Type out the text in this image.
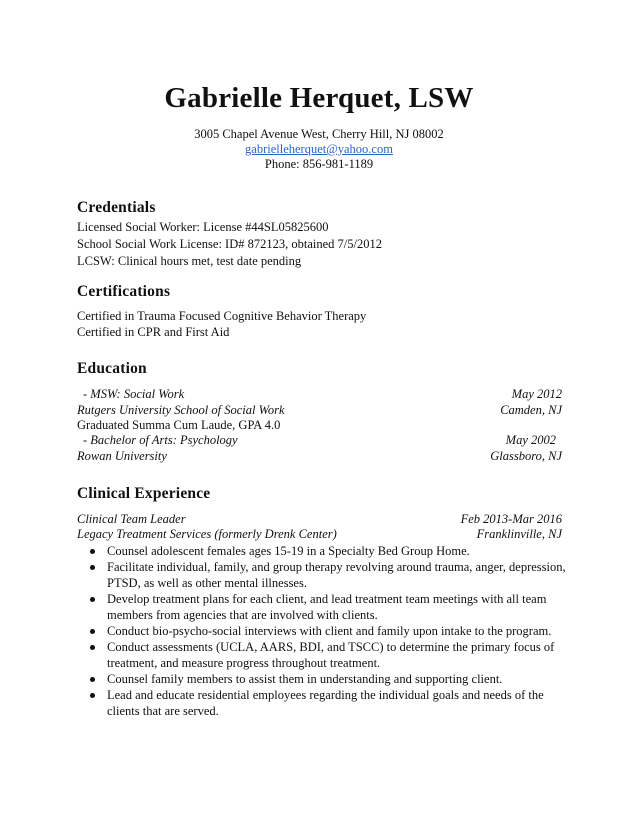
Gabrielle Herquet, LSW
3005 Chapel Avenue West, Cherry Hill, NJ 08002
gabrielleherquet@yahoo.com
Phone: 856-981-1189
Credentials
Licensed Social Worker: License #44SL05825600
School Social Work License: ID# 872123, obtained 7/5/2012
LCSW: Clinical hours met, test date pending
Certifications
Certified in Trauma Focused Cognitive Behavior Therapy
Certified in CPR and First Aid
Education
- MSW: Social Work	May 2012
Rutgers University School of Social Work	Camden, NJ
Graduated Summa Cum Laude, GPA 4.0
- Bachelor of Arts: Psychology	May 2002
Rowan University	Glassboro, NJ
Clinical Experience
Clinical Team Leader	Feb 2013-Mar 2016
Legacy Treatment Services (formerly Drenk Center)	Franklinville, NJ
Counsel adolescent females ages 15-19 in a Specialty Bed Group Home.
Facilitate individual, family, and group therapy revolving around trauma, anger, depression, PTSD, as well as other mental illnesses.
Develop treatment plans for each client, and lead treatment team meetings with all team members from agencies that are involved with clients.
Conduct bio-psycho-social interviews with client and family upon intake to the program.
Conduct assessments (UCLA, AARS, BDI, and TSCC) to determine the primary focus of treatment, and measure progress throughout treatment.
Counsel family members to assist them in understanding and supporting client.
Lead and educate residential employees regarding the individual goals and needs of the clients that are served.
